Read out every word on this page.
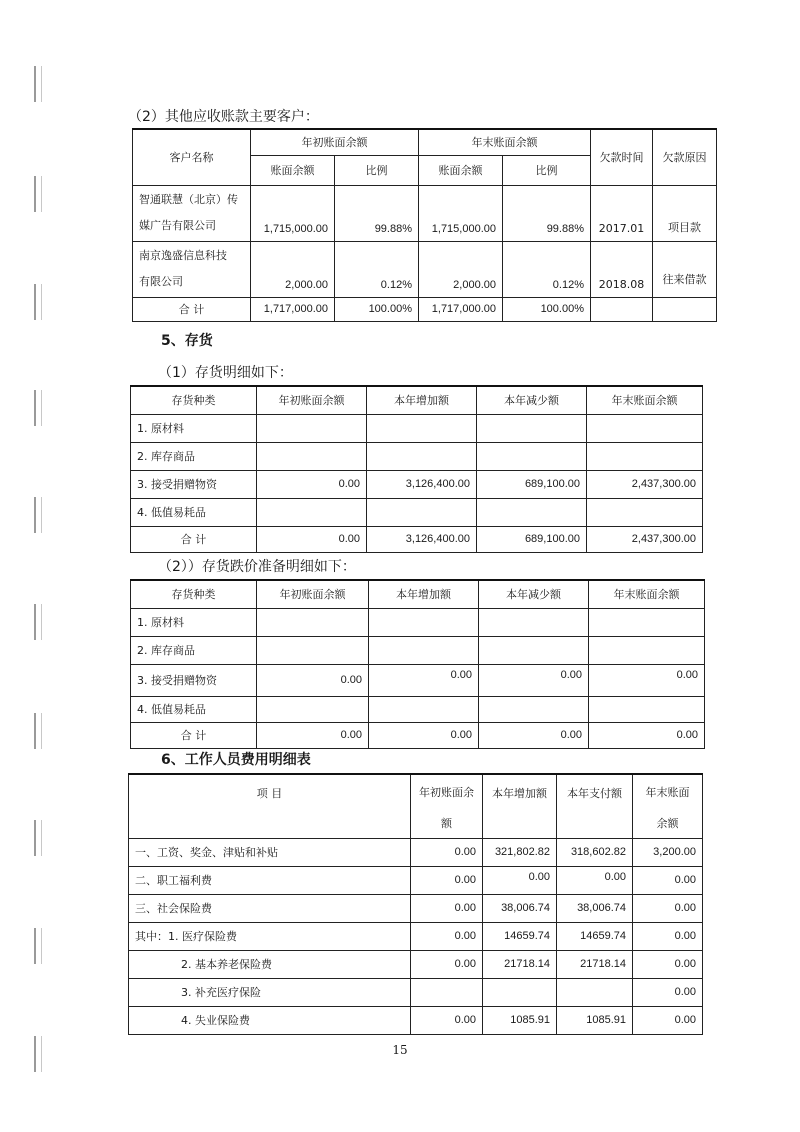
（2）其他应收账款主要客户：
客户名称	年初账面余额		年末账面余额		欠款时间	欠款原因
	账面余额	比例	账面余额	比例		
智通联慧（北京）传
媒广告有限公司	1,715,000.00	99.88%	1,715,000.00	99.88%	2017.01	项目款
南京逸盛信息科技
有限公司	2,000.00	0.12%	2,000.00	0.12%	2018.08	往来借款
合 计	1,717,000.00	100.00%	1,717,000.00	100.00%		
5、存货
（1）存货明细如下：
存货种类	年初账面余额	本年增加额	本年减少额	年末账面余额
1. 原材料				
2. 库存商品				
3. 接受捐赠物资	0.00	3,126,400.00	689,100.00	2,437,300.00
4. 低值易耗品				
合 计	0.00	3,126,400.00	689,100.00	2,437,300.00
（2））存货跌价准备明细如下：
存货种类	年初账面余额	本年增加额	本年减少额	年末账面余额
1. 原材料				
2. 库存商品				
3. 接受捐赠物资	0.00	0.00	0.00	0.00
4. 低值易耗品				
合 计	0.00	0.00	0.00	0.00
6、工作人员费用明细表
项 目	年初账面余	本年增加额	本年支付额	年末账面
	额			余额
一、工资、奖金、津贴和补贴	0.00	321,802.82	318,602.82	3,200.00
二、职工福利费	0.00	0.00	0.00	0.00
三、社会保险费	0.00	38,006.74	38,006.74	0.00
其中：1. 医疗保险费	0.00	14659.74	14659.74	0.00
2. 基本养老保险费	0.00	21718.14	21718.14	0.00
3. 补充医疗保险				0.00
4. 失业保险费	0.00	1085.91	1085.91	0.00
15
